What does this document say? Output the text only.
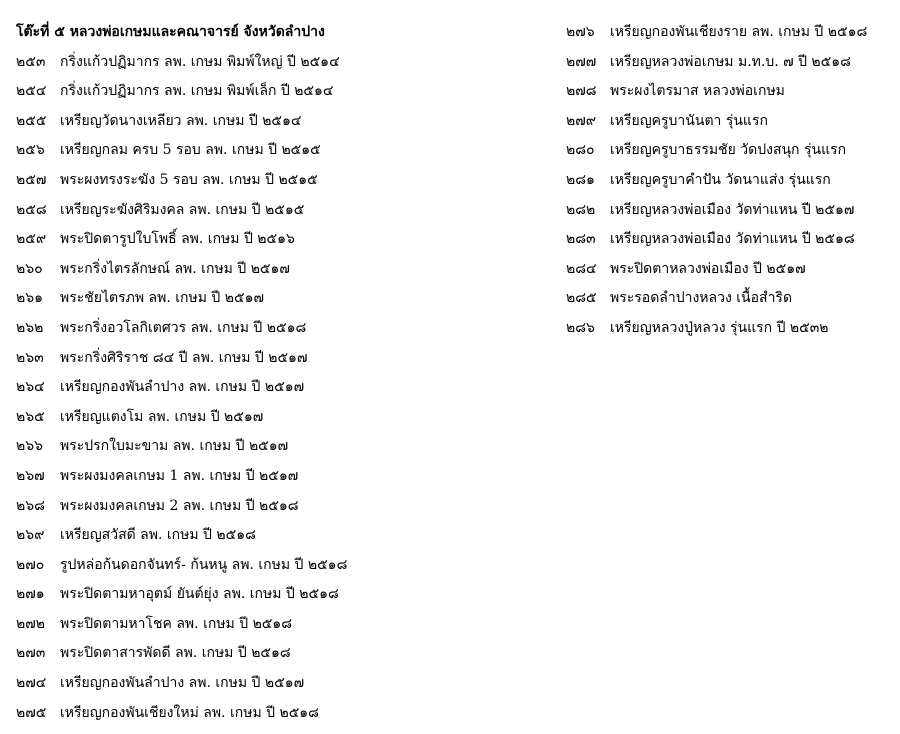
โต๊ะที่ ๕ หลวงพ่อเกษมและคณาจารย์ จังหวัดลำปาง
๒๕๓	กริ่งแก้วปฏิมากร ลพ. เกษม พิมพ์ใหญ่ ปี ๒๕๑๔
๒๕๔ กริ่งแก้วปฏิมากร ลพ. เกษม พิมพ์เล็ก ปี ๒๕๑๔
๒๕๕ เหรียญวัดนางเหลียว ลพ. เกษม ปี ๒๕๑๔
๒๕๖	เหรียญกลม ครบ 5 รอบ ลพ. เกษม ปี ๒๕๑๕
๒๕๗ พระผงทรงระฆัง 5 รอบ ลพ. เกษม ปี ๒๕๑๕
๒๕๘ เหรียญระฆังศิริมงคล ลพ. เกษม ปี ๒๕๑๕
๒๕๙ พระปิดตารูปใบโพธิ์ ลพ. เกษม ปี ๒๕๑๖
๒๖๐	พระกริ่งไตรลักษณ์ ลพ. เกษม ปี ๒๕๑๗
๒๖๑	พระชัยไตรภพ ลพ. เกษม ปี ๒๕๑๗
๒๖๒	พระกริ่งอวโลกิเตศวร ลพ. เกษม ปี ๒๕๑๘
๒๖๓	พระกริ่งศิริราช ๘๔ ปี ลพ. เกษม ปี ๒๕๑๗
๒๖๔	เหรียญกองพันลำปาง ลพ. เกษม ปี ๒๕๑๗
๒๖๕	เหรียญแตงโม ลพ. เกษม ปี ๒๕๑๗
๒๖๖	พระปรกใบมะขาม ลพ. เกษม ปี ๒๕๑๗
๒๖๗	พระผงมงคลเกษม 1 ลพ. เกษม ปี ๒๕๑๗
๒๖๘	พระผงมงคลเกษม 2 ลพ. เกษม ปี ๒๕๑๘
๒๖๙	เหรียญสวัสดี ลพ. เกษม ปี ๒๕๑๘
๒๗๐	รูปหล่อก้นดอกจันทร์- ก้นหนู ลพ. เกษม ปี ๒๕๑๘
๒๗๑	พระปิดตามหาอุตม์ ยันต์ยุ่ง ลพ. เกษม ปี ๒๕๑๘
๒๗๒	พระปิดตามหาโชค ลพ. เกษม ปี ๒๕๑๘
๒๗๓	พระปิดตาสารพัดดี ลพ. เกษม ปี ๒๕๑๘
๒๗๔ เหรียญกองพันลำปาง ลพ. เกษม ปี ๒๕๑๗
๒๗๕ เหรียญกองพันเชียงใหม่ ลพ. เกษม ปี ๒๕๑๘
๒๗๖	เหรียญกองพันเชียงราย ลพ. เกษม ปี ๒๕๑๘
๒๗๗ เหรียญหลวงพ่อเกษม ม.ท.บ. ๗ ปี ๒๕๑๘
๒๗๘ พระผงไตรมาส หลวงพ่อเกษม
๒๗๙ เหรียญครูบานันตา รุ่นแรก
๒๘๐	เหรียญครูบาธรรมชัย วัดปงสนุก รุ่นแรก
๒๘๑	เหรียญครูบาคำปัน วัดนาแส่ง รุ่นแรก
๒๘๒	เหรียญหลวงพ่อเมือง วัดท่าแหน ปี ๒๕๑๗
๒๘๓	เหรียญหลวงพ่อเมือง วัดท่าแหน ปี ๒๕๑๘
๒๘๔ พระปิดตาหลวงพ่อเมือง ปี ๒๕๑๗
๒๘๕ พระรอดลำปางหลวง เนื้อสำริด
๒๘๖	เหรียญหลวงปู่หลวง รุ่นแรก ปี ๒๕๓๒
